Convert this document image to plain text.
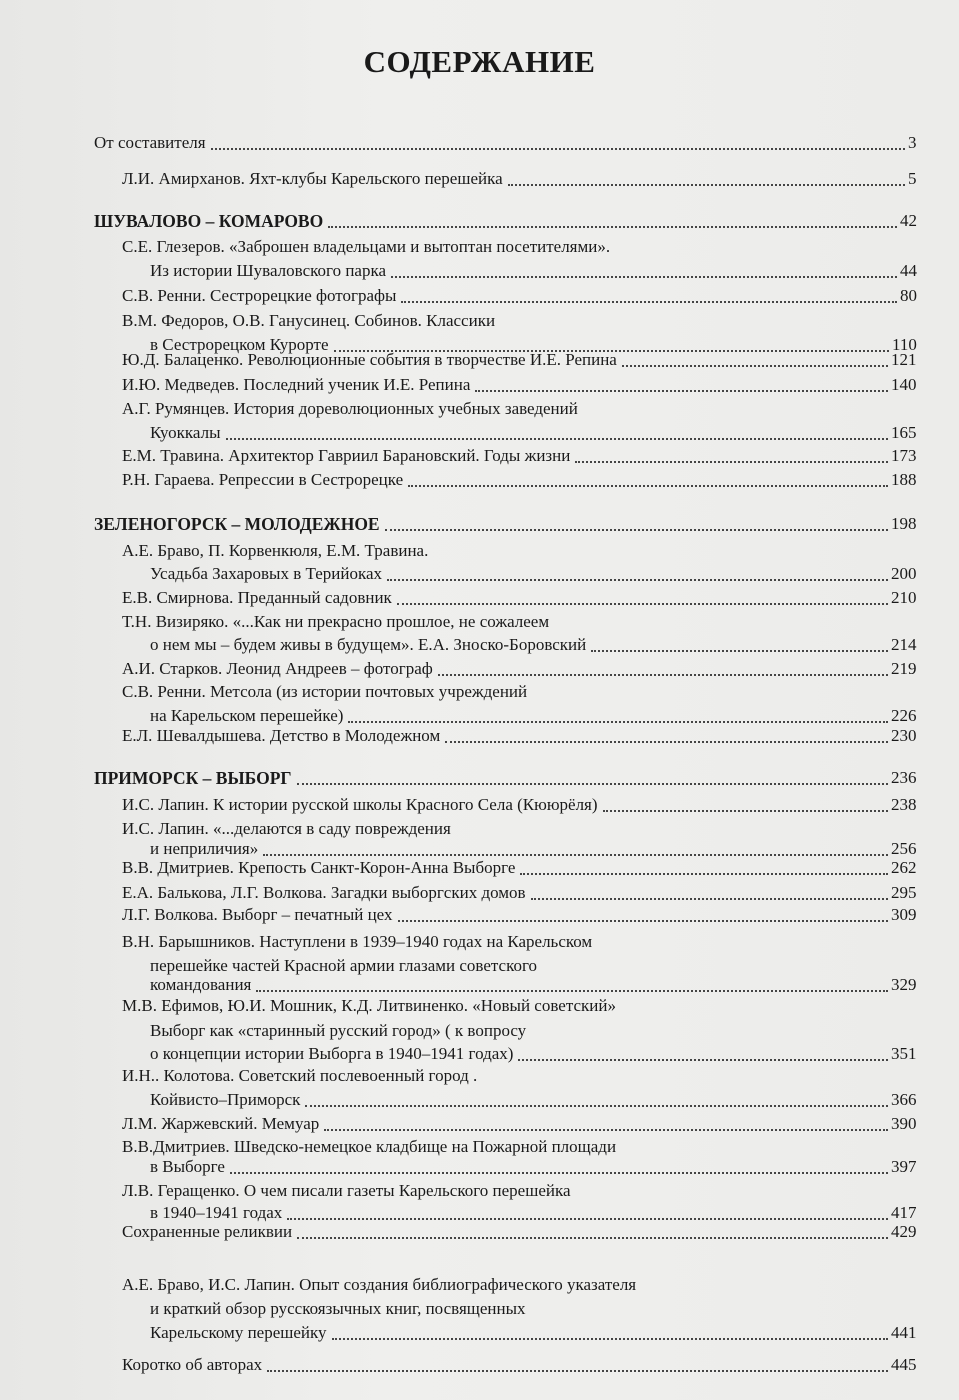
СОДЕРЖАНИЕ
От составителя	3
Л.И. Амирханов. Яхт-клубы Карельского перешейка	5
ШУВАЛОВО – КОМАРОВО	42
С.Е. Глезеров. «Заброшен владельцами и вытоптан посетителями».
Из истории Шуваловского парка	44
С.В. Ренни. Сестрорецкие фотографы	80
В.М. Федоров, О.В. Ганусинец. Собинов. Классики
в Сестрорецком Курорте	110
Ю.Д. Балаценко. Революционные события в творчестве И.Е. Репина	121
И.Ю. Медведев. Последний ученик И.Е. Репина	140
А.Г. Румянцев. История дореволюционных учебных заведений
Куоккалы	165
Е.М. Травина. Архитектор Гавриил Барановский. Годы жизни	173
Р.Н. Гараева. Репрессии в Сестрорецке	188
ЗЕЛЕНОГОРСК – МОЛОДЕЖНОЕ	198
А.Е. Браво, П. Корвенкюля, Е.М. Травина.
Усадьба Захаровых в Терийоках	200
Е.В. Смирнова. Преданный садовник	210
Т.Н. Визиряко. «...Как ни прекрасно прошлое, не сожалеем
о нем мы – будем живы в будущем». Е.А. Зноско-Боровский	214
А.И. Старков. Леонид Андреев – фотограф	219
С.В. Ренни. Метсола (из истории почтовых учреждений
на Карельском перешейке)	226
Е.Л. Шевалдышева. Детство в Молодежном	230
ПРИМОРСК – ВЫБОРГ	236
И.С. Лапин. К истории русской школы Красного Села (Кююрёля)	238
И.С. Лапин. «...делаются в саду повреждения
и неприличия»	256
В.В. Дмитриев. Крепость Санкт-Корон-Анна Выборге	262
Е.А. Балькова, Л.Г. Волкова. Загадки выборгских домов	295
Л.Г. Волкова. Выборг – печатный цех	309
В.Н. Барышников. Наступлени в 1939–1940 годах на Карельском
перешейке частей Красной армии глазами советского
командования	329
М.В. Ефимов, Ю.И. Мошник, К.Д. Литвиненко. «Новый советский»
Выборг как «старинный русский город» ( к вопросу
о концепции истории Выборга в 1940–1941 годах)	351
И.Н.. Колотова. Советский послевоенный город .
Койвисто–Приморск	366
Л.М. Жаржевский. Мемуар	390
В.В.Дмитриев. Шведско-немецкое кладбище на Пожарной площади
в Выборге	397
Л.В. Геращенко. О чем писали газеты Карельского перешейка
в 1940–1941 годах	417
Сохраненные реликвии	429
А.Е. Браво, И.С. Лапин. Опыт создания библиографического указателя
и краткий обзор русскоязычных книг, посвященных
Карельскому перешейку	441
Коротко об авторах	445
